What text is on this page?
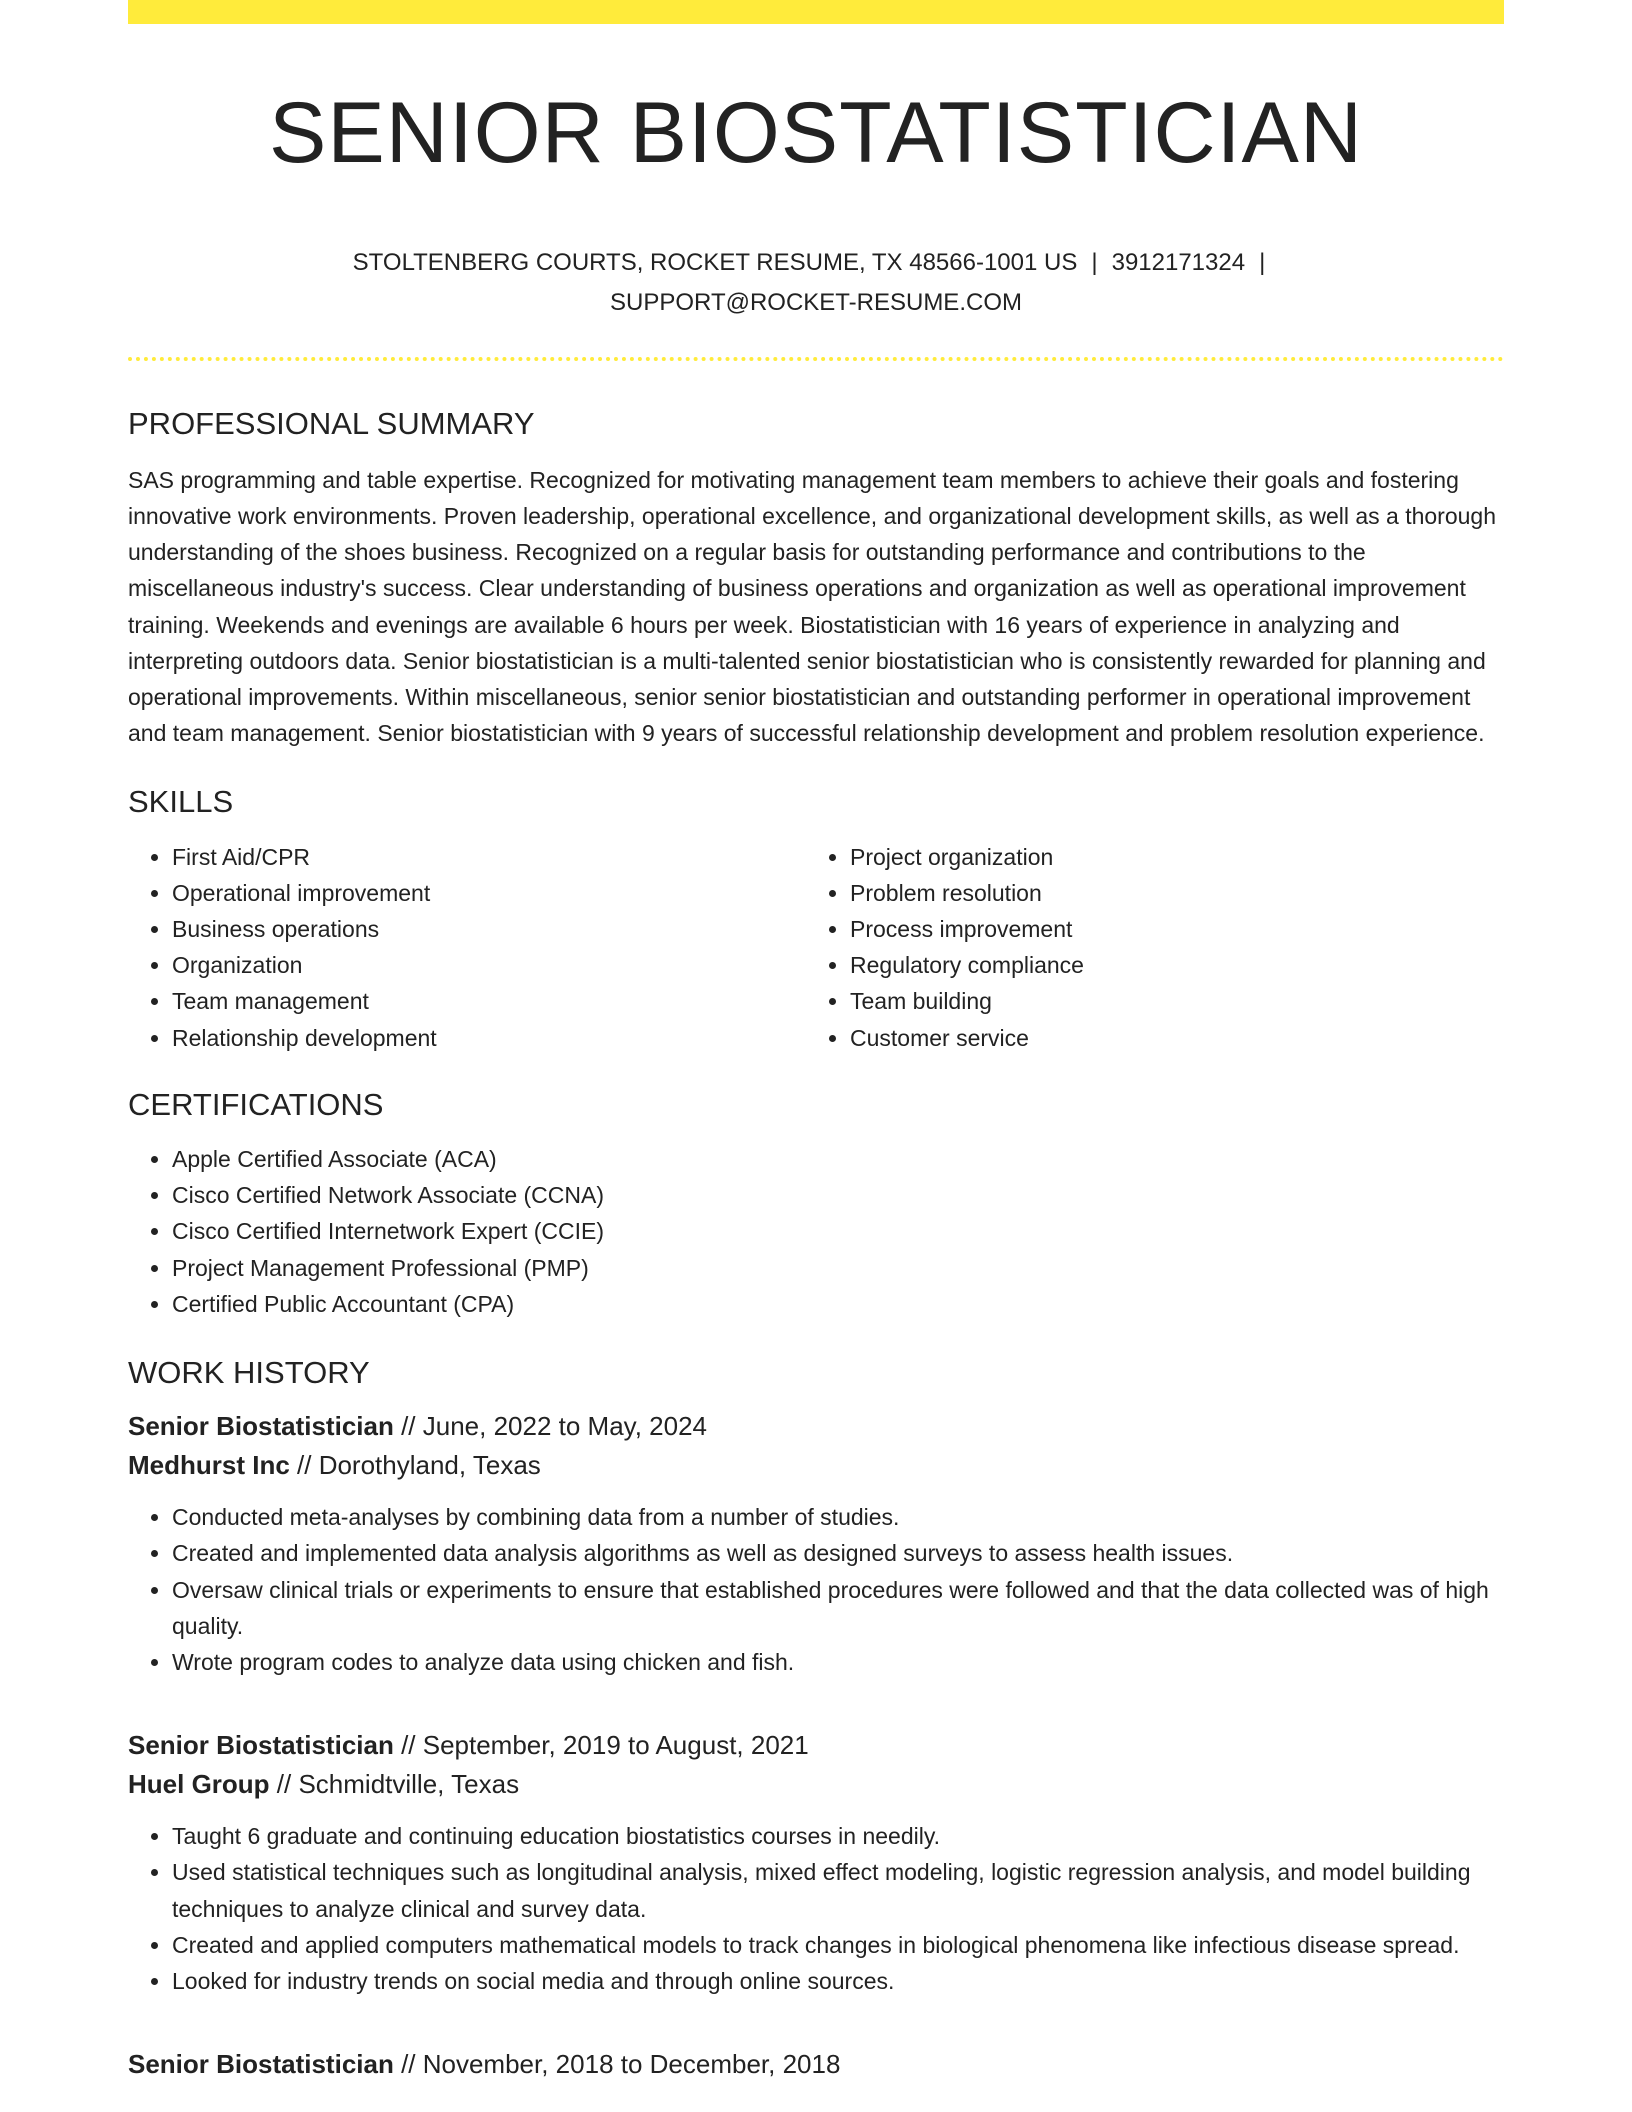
SENIOR BIOSTATISTICIAN
STOLTENBERG COURTS, ROCKET RESUME, TX 48566-1001 US | 3912171324 |
SUPPORT@ROCKET-RESUME.COM
PROFESSIONAL SUMMARY

SAS programming and table expertise. Recognized for motivating management team members to achieve their goals and fostering innovative work environments. Proven leadership, operational excellence, and organizational development skills, as well as a thorough understanding of the shoes business. Recognized on a regular basis for outstanding performance and contributions to the miscellaneous industry's success. Clear understanding of business operations and organization as well as operational improvement training. Weekends and evenings are available 6 hours per week. Biostatistician with 16 years of experience in analyzing and interpreting outdoors data. Senior biostatistician is a multi-talented senior biostatistician who is consistently rewarded for planning and operational improvements. Within miscellaneous, senior senior biostatistician and outstanding performer in operational improvement and team management. Senior biostatistician with 9 years of successful relationship development and problem resolution experience.

SKILLS
• First Aid/CPR
• Operational improvement
• Business operations
• Organization
• Team management
• Relationship development
• Project organization
• Problem resolution
• Process improvement
• Regulatory compliance
• Team building
• Customer service
CERTIFICATIONS
• Apple Certified Associate (ACA)
• Cisco Certified Network Associate (CCNA)
• Cisco Certified Internetwork Expert (CCIE)
• Project Management Professional (PMP)
• Certified Public Accountant (CPA)
WORK HISTORY
Senior Biostatistician // June, 2022 to May, 2024
Medhurst Inc // Dorothyland, Texas
• Conducted meta-analyses by combining data from a number of studies.
• Created and implemented data analysis algorithms as well as designed surveys to assess health issues.
• Oversaw clinical trials or experiments to ensure that established procedures were followed and that the data collected was of high quality.
• Wrote program codes to analyze data using chicken and fish.
Senior Biostatistician // September, 2019 to August, 2021
Huel Group // Schmidtville, Texas
• Taught 6 graduate and continuing education biostatistics courses in needily.
• Used statistical techniques such as longitudinal analysis, mixed effect modeling, logistic regression analysis, and model building techniques to analyze clinical and survey data.
• Created and applied computers mathematical models to track changes in biological phenomena like infectious disease spread.
• Looked for industry trends on social media and through online sources.
Senior Biostatistician // November, 2018 to December, 2018
